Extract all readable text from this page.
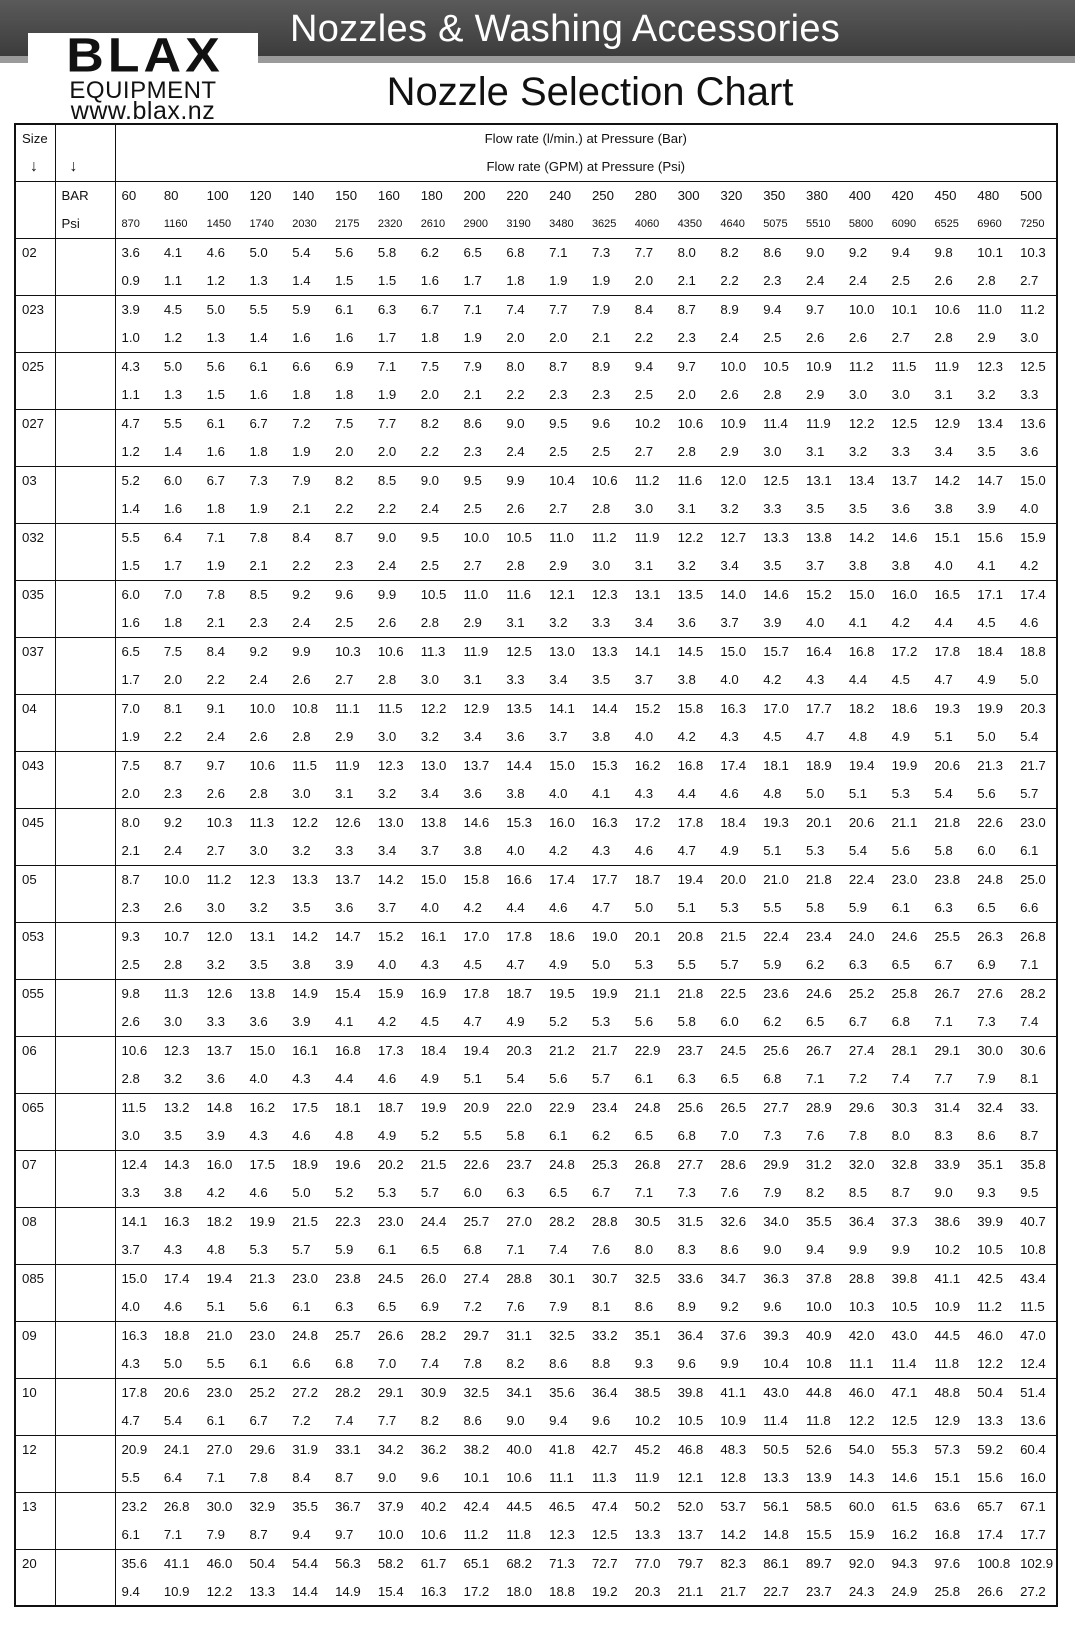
Nozzles & Washing Accessories
BLAX
EQUIPMENT
www.blax.nz	Nozzle Selection Chart
Size		Flow rate (l/min.) at Pressure (Bar)																					
↓	↓	Flow rate (GPM) at Pressure (Psi)																					
	BAR	60	80	100	120	140	150	160	180	200	220	240	250	280	300	320	350	380	400	420	450	480	500
	Psi	870	1160	1450	1740	2030	2175	2320	2610	2900	3190	3480	3625	4060	4350	4640	5075	5510	5800	6090	6525	6960	7250
02		3.6	4.1	4.6	5.0	5.4	5.6	5.8	6.2	6.5	6.8	7.1	7.3	7.7	8.0	8.2	8.6	9.0	9.2	9.4	9.8	10.1	10.3
		0.9	1.1	1.2	1.3	1.4	1.5	1.5	1.6	1.7	1.8	1.9	1.9	2.0	2.1	2.2	2.3	2.4	2.4	2.5	2.6	2.8	2.7
023		3.9	4.5	5.0	5.5	5.9	6.1	6.3	6.7	7.1	7.4	7.7	7.9	8.4	8.7	8.9	9.4	9.7	10.0	10.1	10.6	11.0	11.2
		1.0	1.2	1.3	1.4	1.6	1.6	1.7	1.8	1.9	2.0	2.0	2.1	2.2	2.3	2.4	2.5	2.6	2.6	2.7	2.8	2.9	3.0
025		4.3	5.0	5.6	6.1	6.6	6.9	7.1	7.5	7.9	8.0	8.7	8.9	9.4	9.7	10.0	10.5	10.9	11.2	11.5	11.9	12.3	12.5
		1.1	1.3	1.5	1.6	1.8	1.8	1.9	2.0	2.1	2.2	2.3	2.3	2.5	2.0	2.6	2.8	2.9	3.0	3.0	3.1	3.2	3.3
027		4.7	5.5	6.1	6.7	7.2	7.5	7.7	8.2	8.6	9.0	9.5	9.6	10.2	10.6	10.9	11.4	11.9	12.2	12.5	12.9	13.4	13.6
		1.2	1.4	1.6	1.8	1.9	2.0	2.0	2.2	2.3	2.4	2.5	2.5	2.7	2.8	2.9	3.0	3.1	3.2	3.3	3.4	3.5	3.6
03		5.2	6.0	6.7	7.3	7.9	8.2	8.5	9.0	9.5	9.9	10.4	10.6	11.2	11.6	12.0	12.5	13.1	13.4	13.7	14.2	14.7	15.0
		1.4	1.6	1.8	1.9	2.1	2.2	2.2	2.4	2.5	2.6	2.7	2.8	3.0	3.1	3.2	3.3	3.5	3.5	3.6	3.8	3.9	4.0
032		5.5	6.4	7.1	7.8	8.4	8.7	9.0	9.5	10.0	10.5	11.0	11.2	11.9	12.2	12.7	13.3	13.8	14.2	14.6	15.1	15.6	15.9
		1.5	1.7	1.9	2.1	2.2	2.3	2.4	2.5	2.7	2.8	2.9	3.0	3.1	3.2	3.4	3.5	3.7	3.8	3.8	4.0	4.1	4.2
035		6.0	7.0	7.8	8.5	9.2	9.6	9.9	10.5	11.0	11.6	12.1	12.3	13.1	13.5	14.0	14.6	15.2	15.0	16.0	16.5	17.1	17.4
		1.6	1.8	2.1	2.3	2.4	2.5	2.6	2.8	2.9	3.1	3.2	3.3	3.4	3.6	3.7	3.9	4.0	4.1	4.2	4.4	4.5	4.6
037		6.5	7.5	8.4	9.2	9.9	10.3	10.6	11.3	11.9	12.5	13.0	13.3	14.1	14.5	15.0	15.7	16.4	16.8	17.2	17.8	18.4	18.8
		1.7	2.0	2.2	2.4	2.6	2.7	2.8	3.0	3.1	3.3	3.4	3.5	3.7	3.8	4.0	4.2	4.3	4.4	4.5	4.7	4.9	5.0
04		7.0	8.1	9.1	10.0	10.8	11.1	11.5	12.2	12.9	13.5	14.1	14.4	15.2	15.8	16.3	17.0	17.7	18.2	18.6	19.3	19.9	20.3
		1.9	2.2	2.4	2.6	2.8	2.9	3.0	3.2	3.4	3.6	3.7	3.8	4.0	4.2	4.3	4.5	4.7	4.8	4.9	5.1	5.0	5.4
043		7.5	8.7	9.7	10.6	11.5	11.9	12.3	13.0	13.7	14.4	15.0	15.3	16.2	16.8	17.4	18.1	18.9	19.4	19.9	20.6	21.3	21.7
		2.0	2.3	2.6	2.8	3.0	3.1	3.2	3.4	3.6	3.8	4.0	4.1	4.3	4.4	4.6	4.8	5.0	5.1	5.3	5.4	5.6	5.7
045		8.0	9.2	10.3	11.3	12.2	12.6	13.0	13.8	14.6	15.3	16.0	16.3	17.2	17.8	18.4	19.3	20.1	20.6	21.1	21.8	22.6	23.0
		2.1	2.4	2.7	3.0	3.2	3.3	3.4	3.7	3.8	4.0	4.2	4.3	4.6	4.7	4.9	5.1	5.3	5.4	5.6	5.8	6.0	6.1
05		8.7	10.0	11.2	12.3	13.3	13.7	14.2	15.0	15.8	16.6	17.4	17.7	18.7	19.4	20.0	21.0	21.8	22.4	23.0	23.8	24.8	25.0
		2.3	2.6	3.0	3.2	3.5	3.6	3.7	4.0	4.2	4.4	4.6	4.7	5.0	5.1	5.3	5.5	5.8	5.9	6.1	6.3	6.5	6.6
053		9.3	10.7	12.0	13.1	14.2	14.7	15.2	16.1	17.0	17.8	18.6	19.0	20.1	20.8	21.5	22.4	23.4	24.0	24.6	25.5	26.3	26.8
		2.5	2.8	3.2	3.5	3.8	3.9	4.0	4.3	4.5	4.7	4.9	5.0	5.3	5.5	5.7	5.9	6.2	6.3	6.5	6.7	6.9	7.1
055		9.8	11.3	12.6	13.8	14.9	15.4	15.9	16.9	17.8	18.7	19.5	19.9	21.1	21.8	22.5	23.6	24.6	25.2	25.8	26.7	27.6	28.2
		2.6	3.0	3.3	3.6	3.9	4.1	4.2	4.5	4.7	4.9	5.2	5.3	5.6	5.8	6.0	6.2	6.5	6.7	6.8	7.1	7.3	7.4
06		10.6	12.3	13.7	15.0	16.1	16.8	17.3	18.4	19.4	20.3	21.2	21.7	22.9	23.7	24.5	25.6	26.7	27.4	28.1	29.1	30.0	30.6
		2.8	3.2	3.6	4.0	4.3	4.4	4.6	4.9	5.1	5.4	5.6	5.7	6.1	6.3	6.5	6.8	7.1	7.2	7.4	7.7	7.9	8.1
065		11.5	13.2	14.8	16.2	17.5	18.1	18.7	19.9	20.9	22.0	22.9	23.4	24.8	25.6	26.5	27.7	28.9	29.6	30.3	31.4	32.4	33.
		3.0	3.5	3.9	4.3	4.6	4.8	4.9	5.2	5.5	5.8	6.1	6.2	6.5	6.8	7.0	7.3	7.6	7.8	8.0	8.3	8.6	8.7
07		12.4	14.3	16.0	17.5	18.9	19.6	20.2	21.5	22.6	23.7	24.8	25.3	26.8	27.7	28.6	29.9	31.2	32.0	32.8	33.9	35.1	35.8
		3.3	3.8	4.2	4.6	5.0	5.2	5.3	5.7	6.0	6.3	6.5	6.7	7.1	7.3	7.6	7.9	8.2	8.5	8.7	9.0	9.3	9.5
08		14.1	16.3	18.2	19.9	21.5	22.3	23.0	24.4	25.7	27.0	28.2	28.8	30.5	31.5	32.6	34.0	35.5	36.4	37.3	38.6	39.9	40.7
		3.7	4.3	4.8	5.3	5.7	5.9	6.1	6.5	6.8	7.1	7.4	7.6	8.0	8.3	8.6	9.0	9.4	9.9	9.9	10.2	10.5	10.8
085		15.0	17.4	19.4	21.3	23.0	23.8	24.5	26.0	27.4	28.8	30.1	30.7	32.5	33.6	34.7	36.3	37.8	28.8	39.8	41.1	42.5	43.4
		4.0	4.6	5.1	5.6	6.1	6.3	6.5	6.9	7.2	7.6	7.9	8.1	8.6	8.9	9.2	9.6	10.0	10.3	10.5	10.9	11.2	11.5
09		16.3	18.8	21.0	23.0	24.8	25.7	26.6	28.2	29.7	31.1	32.5	33.2	35.1	36.4	37.6	39.3	40.9	42.0	43.0	44.5	46.0	47.0
		4.3	5.0	5.5	6.1	6.6	6.8	7.0	7.4	7.8	8.2	8.6	8.8	9.3	9.6	9.9	10.4	10.8	11.1	11.4	11.8	12.2	12.4
10		17.8	20.6	23.0	25.2	27.2	28.2	29.1	30.9	32.5	34.1	35.6	36.4	38.5	39.8	41.1	43.0	44.8	46.0	47.1	48.8	50.4	51.4
		4.7	5.4	6.1	6.7	7.2	7.4	7.7	8.2	8.6	9.0	9.4	9.6	10.2	10.5	10.9	11.4	11.8	12.2	12.5	12.9	13.3	13.6
12		20.9	24.1	27.0	29.6	31.9	33.1	34.2	36.2	38.2	40.0	41.8	42.7	45.2	46.8	48.3	50.5	52.6	54.0	55.3	57.3	59.2	60.4
		5.5	6.4	7.1	7.8	8.4	8.7	9.0	9.6	10.1	10.6	11.1	11.3	11.9	12.1	12.8	13.3	13.9	14.3	14.6	15.1	15.6	16.0
13		23.2	26.8	30.0	32.9	35.5	36.7	37.9	40.2	42.4	44.5	46.5	47.4	50.2	52.0	53.7	56.1	58.5	60.0	61.5	63.6	65.7	67.1
		6.1	7.1	7.9	8.7	9.4	9.7	10.0	10.6	11.2	11.8	12.3	12.5	13.3	13.7	14.2	14.8	15.5	15.9	16.2	16.8	17.4	17.7
20		35.6	41.1	46.0	50.4	54.4	56.3	58.2	61.7	65.1	68.2	71.3	72.7	77.0	79.7	82.3	86.1	89.7	92.0	94.3	97.6	100.8	102.9
		9.4	10.9	12.2	13.3	14.4	14.9	15.4	16.3	17.2	18.0	18.8	19.2	20.3	21.1	21.7	22.7	23.7	24.3	24.9	25.8	26.6	27.2
